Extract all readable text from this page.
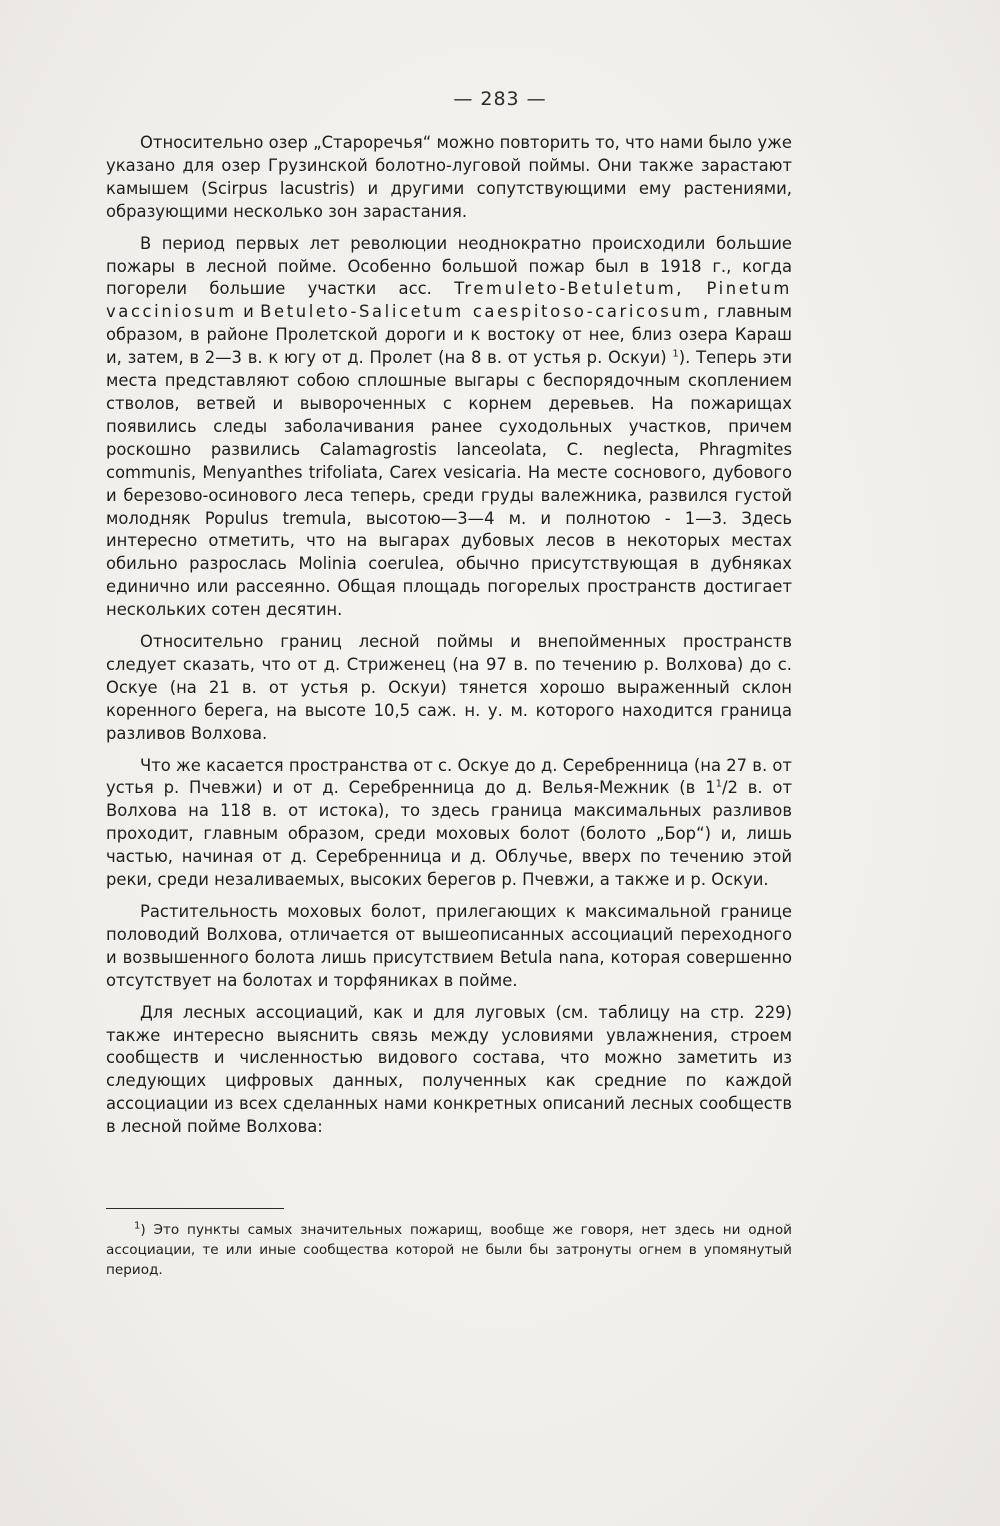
— 283 —

Относительно озер „Староречья“ можно повторить то, что нами было уже указано для озер Грузинской болотно-луговой поймы. Они также зарастают камышем (Scirpus lacustris) и другими сопутствующими ему растениями, образующими несколько зон зарастания.

В период первых лет революции неоднократно происходили большие пожары в лесной пойме. Особенно большой пожар был в 1918 г., когда погорели большие участки асс. Tremuleto-Betuletum, Pinetum vacciniosum и Betuleto-Salicetum caespitoso-caricosum, главным образом, в районе Пролетской дороги и к востоку от нее, близ озера Караш и, затем, в 2—3 в. к югу от д. Пролет (на 8 в. от устья р. Оскуи) $^1$). Теперь эти места представляют собою сплошные выгары с беспорядочным скоплением стволов, ветвей и вывороченных с корнем деревьев. На пожарищах появились следы заболачивания ранее суходольных участков, причем роскошно развились Calamagrostis lanceolata, C. neglecta, Phragmites communis, Menyanthes trifoliata, Carex vesicaria. На месте соснового, дубового и березово-осинового леса теперь, среди груды валежника, развился густой молодняк Populus tremula, высотою—3—4 м. и полнотою - 1—3. Здесь интересно отметить, что на выгарах дубовых лесов в некоторых местах обильно разрослась Molinia coerulea, обычно присутствующая в дубняках единично или рассеянно. Общая площадь погорелых пространств достигает нескольких сотен десятин.

Относительно границ лесной поймы и внепойменных пространств следует сказать, что от д. Стриженец (на 97 в. по течению р. Волхова) до с. Оскуе (на 21 в. от устья р. Оскуи) тянется хорошо выраженный склон коренного берега, на высоте 10,5 саж. н. у. м. которого находится граница разливов Волхова.

Что же касается пространства от с. Оскуе до д. Серебренница (на 27 в. от устья р. Пчевжи) и от д. Серебренница до д. Велья-Межник (в $1^1/2$ в. от Волхова на 118 в. от истока), то здесь граница максимальных разливов проходит, главным образом, среди моховых болот (болото „Бор“) и, лишь частью, начиная от д. Серебренница и д. Облучье, вверх по течению этой реки, среди незаливаемых, высоких берегов р. Пчевжи, а также и р. Оскуи.

Растительность моховых болот, прилегающих к максимальной границе половодий Волхова, отличается от вышеописанных ассоциаций переходного и возвышенного болота лишь присутствием Betula nana, которая совершенно отсутствует на болотах и торфяниках в пойме.

Для лесных ассоциаций, как и для луговых (см. таблицу на стр. 229) также интересно выяснить связь между условиями увлажнения, строем сообществ и численностью видового состава, что можно заметить из следующих цифровых данных, полученных как средние по каждой ассоциации из всех сделанных нами конкретных описаний лесных сообществ в лесной пойме Волхова:

$^1$) Это пункты самых значительных пожарищ, вообще же говоря, нет здесь ни одной ассоциации, те или иные сообщества которой не были бы затронуты огнем в упомянутый период.
